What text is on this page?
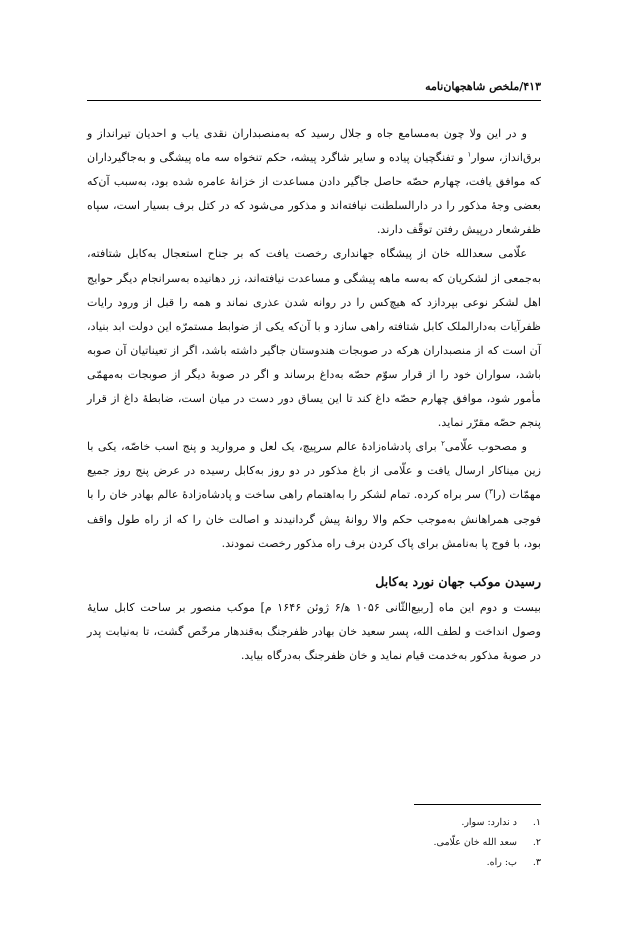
۴۱۳/ملخص شاهجهان‌نامه

و در این ولا چون به‌مسامع جاه و جلال رسید که به‌منصبداران نقدی یاب و احدیان تیرانداز و برق‌انداز، سوار$^۱$ و تفنگچیان پیاده و سایر شاگرد پیشه، حکم تنخواه سه ماه پیشگی و به‌جاگیرداران که موافق یافت، چهارم حصّه حاصل جاگیر دادن مساعدت از خزانهٔ عامره شده بود، به‌سبب آن‌که بعضی وجهٔ مذکور را در دارالسلطنت نیافته‌اند و مذکور می‌شود که در کتل برف بسیار است، سپاه ظفرشعار درپیش رفتن توقّف دارند.

علّامی سعدالله خان از پیشگاه جهانداری رخصت یافت که بر جناح استعجال به‌کابل شتافته، به‌جمعی از لشکریان که به‌سه ماهه پیشگی و مساعدت نیافته‌اند، زر دهانیده به‌سرانجام دیگر حوایج اهل لشکر نوعی بپردازد که هیچ‌کس را در روانه شدن عذری نماند و همه را قبل از ورود رایات ظفرآیات به‌دارالملک کابل شتافته راهی سازد و با آن‌که یکی از ضوابط مستمرّه این دولت ابد بنیاد، آن است که از منصبداران هرکه در صوبجات هندوستان جاگیر داشته باشد، اگر از تعیناتیان آن صوبه باشد، سواران خود را از قرار سوّم حصّه به‌داغ برساند و اگر در صوبهٔ دیگر از صوبجات به‌مهمّی مأمور شود، موافق چهارم حصّه داغ کند تا این یساق دور دست در میان است، ضابطهٔ داغ از قرار پنجم حصّه مقرّر نماید.

و مصحوب علّامی$^۲$ برای پادشاه‌زادهٔ عالم سرپیچ، یک لعل و مروارید و پنج اسب خاصّه، یکی با زین میناکار ارسال یافت و علّامی از باغ مذکور در دو روز به‌کابل رسیده در عرض پنج روز جمیع مهمّات (را$^۳$) سر براه کرده. تمام لشکر را به‌اهتمام راهی ساخت و پادشاه‌زادهٔ عالم بهادر خان را با فوجی همراهانش به‌موجب حکم والا روانهٔ پیش گردانیدند و اصالت خان را که از راه طول واقف بود، با فوج پا به‌نامش برای پاک کردن برف راه مذکور رخصت نمودند.

رسیدن موکب جهان نورد به‌کابل

بیست و دوم این ماه [ربیع‌الثّانی ۱۰۵۶ ه‍/۶ ژوئن ۱۶۴۶ م] موکب منصور بر ساحت کابل سایهٔ وصول انداخت و لطف الله، پسر سعید خان بهادر ظفرجنگ به‌قندهار مرخّص گشت، تا به‌نیابت پدر در صوبهٔ مذکور به‌خدمت قیام نماید و خان ظفرجنگ به‌درگاه بیاید.

۱.
د ندارد: سوار.
۲.
سعد الله خان علّامی.
۳.
ب: راه.
